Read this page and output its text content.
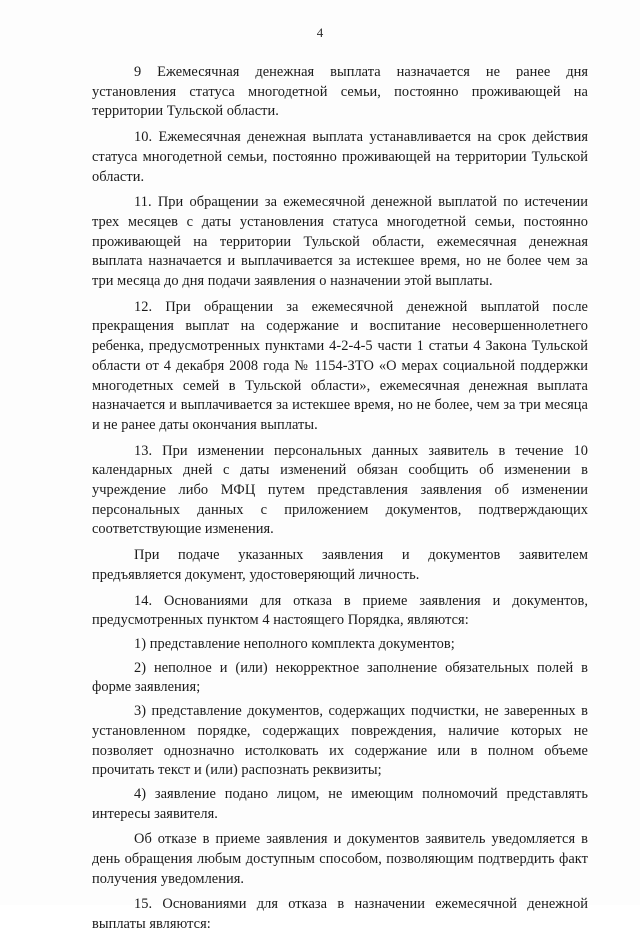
4

9 Ежемесячная денежная выплата назначается не ранее дня установления статуса многодетной семьи, постоянно проживающей на территории Тульской области.

10. Ежемесячная денежная выплата устанавливается на срок действия статуса многодетной семьи, постоянно проживающей на территории Тульской области.

11. При обращении за ежемесячной денежной выплатой по истечении трех месяцев с даты установления статуса многодетной семьи, постоянно проживающей на территории Тульской области, ежемесячная денежная выплата назначается и выплачивается за истекшее время, но не более чем за три месяца до дня подачи заявления о назначении этой выплаты.

12. При обращении за ежемесячной денежной выплатой после прекращения выплат на содержание и воспитание несовершеннолетнего ребенка, предусмотренных пунктами 4-2-4-5 части 1 статьи 4 Закона Тульской области от 4 декабря 2008 года № 1154-ЗТО «О мерах социальной поддержки многодетных семей в Тульской области», ежемесячная денежная выплата назначается и выплачивается за истекшее время, но не более, чем за три месяца и не ранее даты окончания выплаты.

13. При изменении персональных данных заявитель в течение 10 календарных дней с даты изменений обязан сообщить об изменении в учреждение либо МФЦ путем представления заявления об изменении персональных данных с приложением документов, подтверждающих соответствующие изменения.

При подаче указанных заявления и документов заявителем предъявляется документ, удостоверяющий личность.

14. Основаниями для отказа в приеме заявления и документов, предусмотренных пунктом 4 настоящего Порядка, являются:

1) представление неполного комплекта документов;

2) неполное и (или) некорректное заполнение обязательных полей в форме заявления;

3) представление документов, содержащих подчистки, не заверенных в установленном порядке, содержащих повреждения, наличие которых не позволяет однозначно истолковать их содержание или в полном объеме прочитать текст и (или) распознать реквизиты;

4) заявление подано лицом, не имеющим полномочий представлять интересы заявителя.

Об отказе в приеме заявления и документов заявитель уведомляется в день обращения любым доступным способом, позволяющим подтвердить факт получения уведомления.

15. Основаниями для отказа в назначении ежемесячной денежной выплаты являются:
